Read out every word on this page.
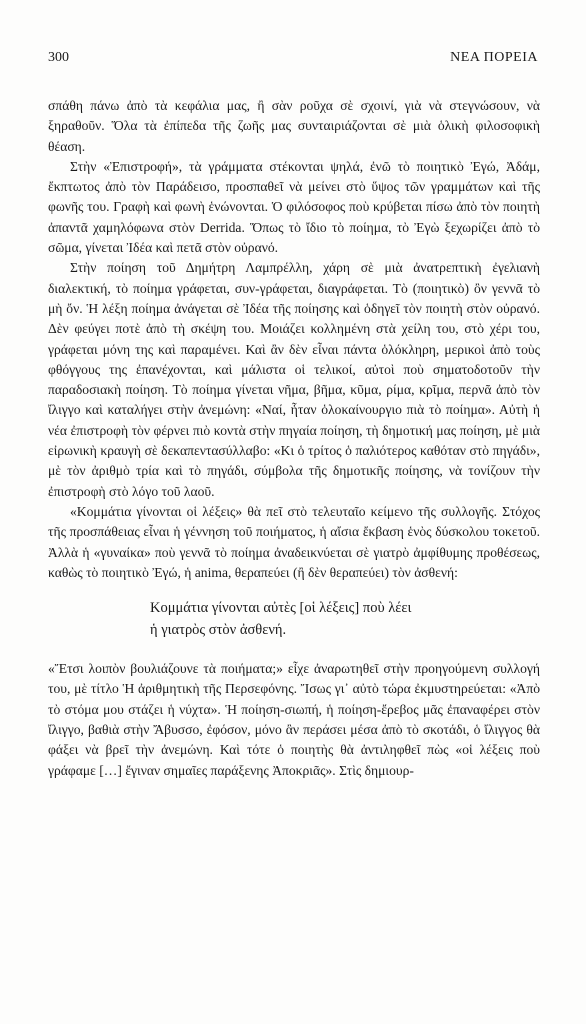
300	ΝΕΑ ΠΟΡΕΙΑ

σπάθη πάνω ἀπὸ τὰ κεφάλια μας, ἢ σὰν ροῦχα σὲ σχοινί, γιὰ νὰ στεγνώσουν, νὰ ξηραθοῦν. Ὅλα τὰ ἐπίπεδα τῆς ζωῆς μας συνταιριάζονται σὲ μιὰ ὁλικὴ φιλοσοφικὴ θέαση.

Στὴν «Ἐπιστροφή», τὰ γράμματα στέκονται ψηλά, ἐνῶ τὸ ποιητικὸ Ἐγώ, Ἀδάμ, ἔκπτωτος ἀπὸ τὸν Παράδεισο, προσπαθεῖ νὰ μείνει στὸ ὕψος τῶν γραμμάτων καὶ τῆς φωνῆς του. Γραφὴ καὶ φωνὴ ἑνώνονται. Ὁ φιλόσοφος ποὺ κρύβεται πίσω ἀπὸ τὸν ποιητὴ ἀπαντᾶ χαμηλόφωνα στὸν Derrida. Ὅπως τὸ ἴδιο τὸ ποίημα, τὸ Ἐγὼ ξεχωρίζει ἀπὸ τὸ σῶμα, γίνεται Ἰδέα καὶ πετᾶ στὸν οὐρανό.

Στὴν ποίηση τοῦ Δημήτρη Λαμπρέλλη, χάρη σὲ μιὰ ἀνατρεπτικὴ ἐγελιανὴ διαλεκτική, τὸ ποίημα γράφεται, συν-γράφεται, διαγράφεται. Τὸ (ποιητικὸ) ὂν γεννᾶ τὸ μὴ ὄν. Ἡ λέξη ποίημα ἀνάγεται σὲ Ἰδέα τῆς ποίησης καὶ ὁδηγεῖ τὸν ποιητὴ στὸν οὐρανό. Δὲν φεύγει ποτὲ ἀπὸ τὴ σκέψη του. Μοιάζει κολλημένη στὰ χείλη του, στὸ χέρι του, γράφεται μόνη της καὶ παραμένει. Καὶ ἂν δὲν εἶναι πάντα ὁλόκληρη, μερικοὶ ἀπὸ τοὺς φθόγγους της ἐπανέχονται, καὶ μάλιστα οἱ τελικοί, αὐτοὶ ποὺ σηματοδοτοῦν τὴν παραδοσιακὴ ποίηση. Τὸ ποίημα γίνεται νῆμα, βῆμα, κῦμα, ρίμα, κρῖμα, περνᾶ ἀπὸ τὸν ἴλιγγο καὶ καταλήγει στὴν ἀνεμώνη: «Ναί, ἦταν ὁλοκαίνουργιο πιὰ τὸ ποίημα». Αὐτὴ ἡ νέα ἐπιστροφὴ τὸν φέρνει πιὸ κοντὰ στὴν πηγαία ποίηση, τὴ δημοτική μας ποίηση, μὲ μιὰ εἰρωνικὴ κραυγὴ σὲ δεκαπεντασύλλαβο: «Κι ὁ τρίτος ὁ παλιότερος καθόταν στὸ πηγάδι», μὲ τὸν ἀριθμὸ τρία καὶ τὸ πηγάδι, σύμβολα τῆς δημοτικῆς ποίησης, νὰ τονίζουν τὴν ἐπιστροφὴ στὸ λόγο τοῦ λαοῦ.

«Κομμάτια γίνονται οἱ λέξεις» θὰ πεῖ στὸ τελευταῖο κείμενο τῆς συλλογῆς. Στόχος τῆς προσπάθειας εἶναι ἡ γέννηση τοῦ ποιήματος, ἡ αἴσια ἔκβαση ἑνὸς δύσκολου τοκετοῦ. Ἀλλὰ ἡ «γυναίκα» ποὺ γεννᾶ τὸ ποίημα ἀναδεικνύεται σὲ γιατρὸ ἀμφίθυμης προθέσεως, καθὼς τὸ ποιητικὸ Ἐγώ, ἡ anima, θεραπεύει (ἢ δὲν θεραπεύει) τὸν ἀσθενή:

Κομμάτια γίνονται αὐτὲς [οἱ λέξεις] ποὺ λέει
ἡ γιατρὸς στὸν ἀσθενή.

«Ἔτσι λοιπὸν βουλιάζουνε τὰ ποιήματα;» εἶχε ἀναρωτηθεῖ στὴν προηγούμενη συλλογή του, μὲ τίτλο Ἡ ἀριθμητικὴ τῆς Περσεφόνης. Ἴσως γι᾽ αὐτὸ τώρα ἐκμυστηρεύεται: «Ἀπὸ τὸ στόμα μου στάζει ἡ νύχτα». Ἡ ποίηση-σιωπή, ἡ ποίηση-ἔρεβος μᾶς ἐπαναφέρει στὸν ἴλιγγο, βαθιὰ στὴν Ἄβυσσο, ἐφόσον, μόνο ἂν περάσει μέσα ἀπὸ τὸ σκοτάδι, ὁ ἴλιγγος θὰ φάξει νὰ βρεῖ τὴν ἀνεμώνη. Καὶ τότε ὁ ποιητὴς θὰ ἀντιληφθεῖ πὼς «οἱ λέξεις ποὺ γράφαμε […] ἔγιναν σημαῖες παράξενης Ἀποκριᾶς». Στὶς δημιουρ-
